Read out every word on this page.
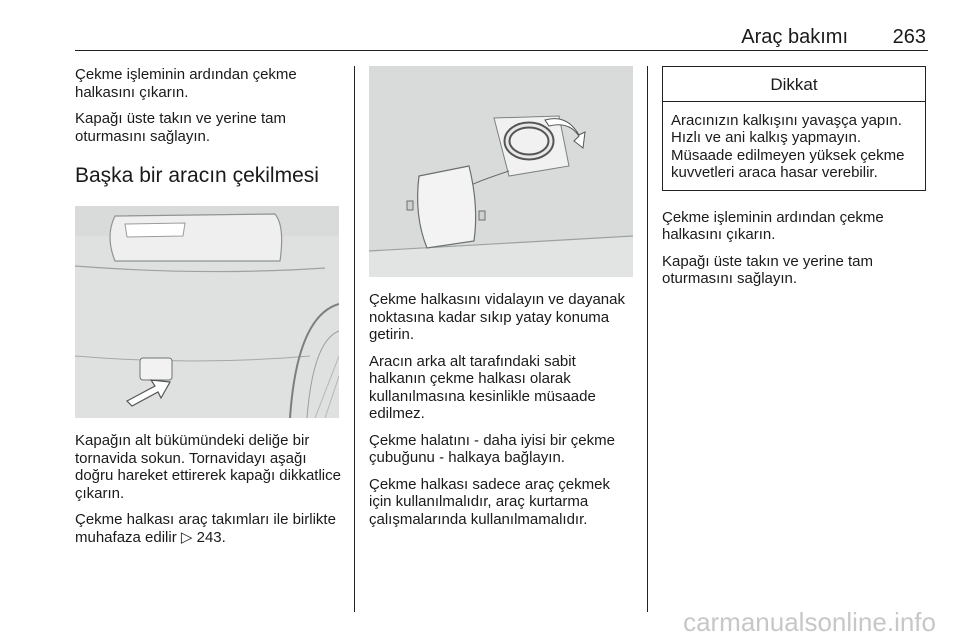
Araç bakımı 263

Çekme işleminin ardından çekme halkasını çıkarın.

Kapağı üste takın ve yerine tam oturmasını sağlayın.

Başka bir aracın çekilmesi

Kapağın alt bükümündeki deliğe bir tornavida sokun. Tornavidayı aşağı doğru hareket ettirerek kapağı dikkatlice çıkarın.

Çekme halkası araç takımları ile birlikte muhafaza edilir ▷ 243.

Çekme halkasını vidalayın ve dayanak noktasına kadar sıkıp yatay konuma getirin.

Aracın arka alt tarafındaki sabit halkanın çekme halkası olarak kullanılmasına kesinlikle müsaade edilmez.

Çekme halatını - daha iyisi bir çekme çubuğunu - halkaya bağlayın.

Çekme halkası sadece araç çekmek için kullanılmalıdır, araç kurtarma çalışmalarında kullanılmamalıdır.

Dikkat
Aracınızın kalkışını yavaşça yapın. Hızlı ve ani kalkış yapmayın. Müsaade edilmeyen yüksek çekme kuvvetleri araca hasar verebilir.

Çekme işleminin ardından çekme halkasını çıkarın.

Kapağı üste takın ve yerine tam oturmasını sağlayın.

carmanualsonline.info
